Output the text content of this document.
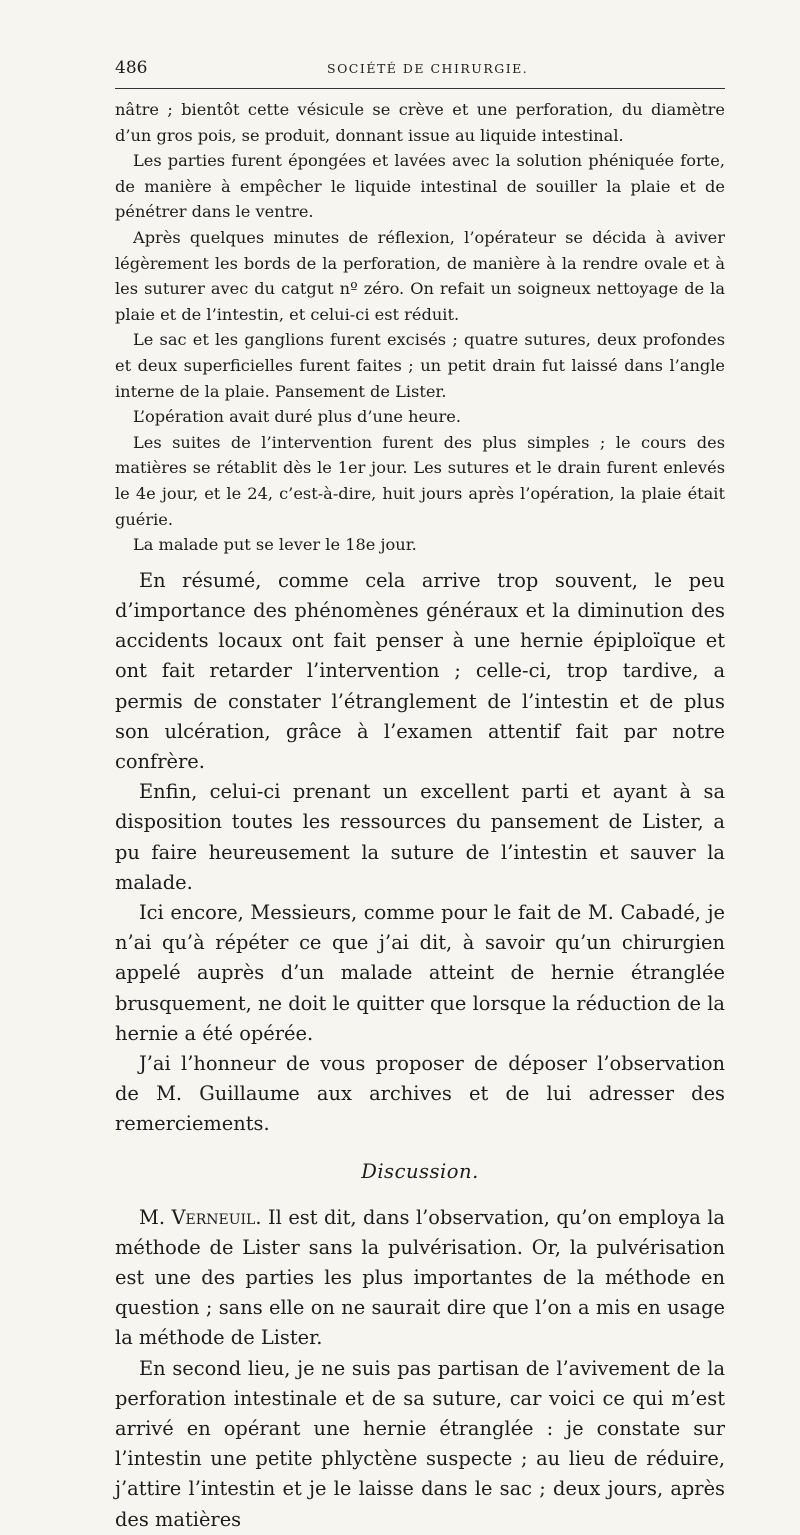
486	SOCIÉTÉ DE CHIRURGIE.

nâtre ; bientôt cette vésicule se crève et une perforation, du diamètre d’un gros pois, se produit, donnant issue au liquide intestinal.

Les parties furent épongées et lavées avec la solution phéniquée forte, de manière à empêcher le liquide intestinal de souiller la plaie et de pénétrer dans le ventre.

Après quelques minutes de réflexion, l’opérateur se décida à aviver légèrement les bords de la perforation, de manière à la rendre ovale et à les suturer avec du catgut nº zéro. On refait un soigneux nettoyage de la plaie et de l’intestin, et celui-ci est réduit.

Le sac et les ganglions furent excisés ; quatre sutures, deux profondes et deux superficielles furent faites ; un petit drain fut laissé dans l’angle interne de la plaie. Pansement de Lister.

L’opération avait duré plus d’une heure.

Les suites de l’intervention furent des plus simples ; le cours des matières se rétablit dès le 1er jour. Les sutures et le drain furent enlevés le 4e jour, et le 24, c’est-à-dire, huit jours après l’opération, la plaie était guérie.

La malade put se lever le 18e jour.

En résumé, comme cela arrive trop souvent, le peu d’importance des phénomènes généraux et la diminution des accidents locaux ont fait penser à une hernie épiploïque et ont fait retarder l’intervention ; celle-ci, trop tardive, a permis de constater l’étranglement de l’intestin et de plus son ulcération, grâce à l’examen attentif fait par notre confrère.

Enfin, celui-ci prenant un excellent parti et ayant à sa disposition toutes les ressources du pansement de Lister, a pu faire heureusement la suture de l’intestin et sauver la malade.

Ici encore, Messieurs, comme pour le fait de M. Cabadé, je n’ai qu’à répéter ce que j’ai dit, à savoir qu’un chirurgien appelé auprès d’un malade atteint de hernie étranglée brusquement, ne doit le quitter que lorsque la réduction de la hernie a été opérée.

J’ai l’honneur de vous proposer de déposer l’observation de M. Guillaume aux archives et de lui adresser des remerciements.

Discussion.

M. Verneuil. Il est dit, dans l’observation, qu’on employa la méthode de Lister sans la pulvérisation. Or, la pulvérisation est une des parties les plus importantes de la méthode en question ; sans elle on ne saurait dire que l’on a mis en usage la méthode de Lister.

En second lieu, je ne suis pas partisan de l’avivement de la perforation intestinale et de sa suture, car voici ce qui m’est arrivé en opérant une hernie étranglée : je constate sur l’intestin une petite phlyctène suspecte ; au lieu de réduire, j’attire l’intestin et je le laisse dans le sac ; deux jours, après des matières
